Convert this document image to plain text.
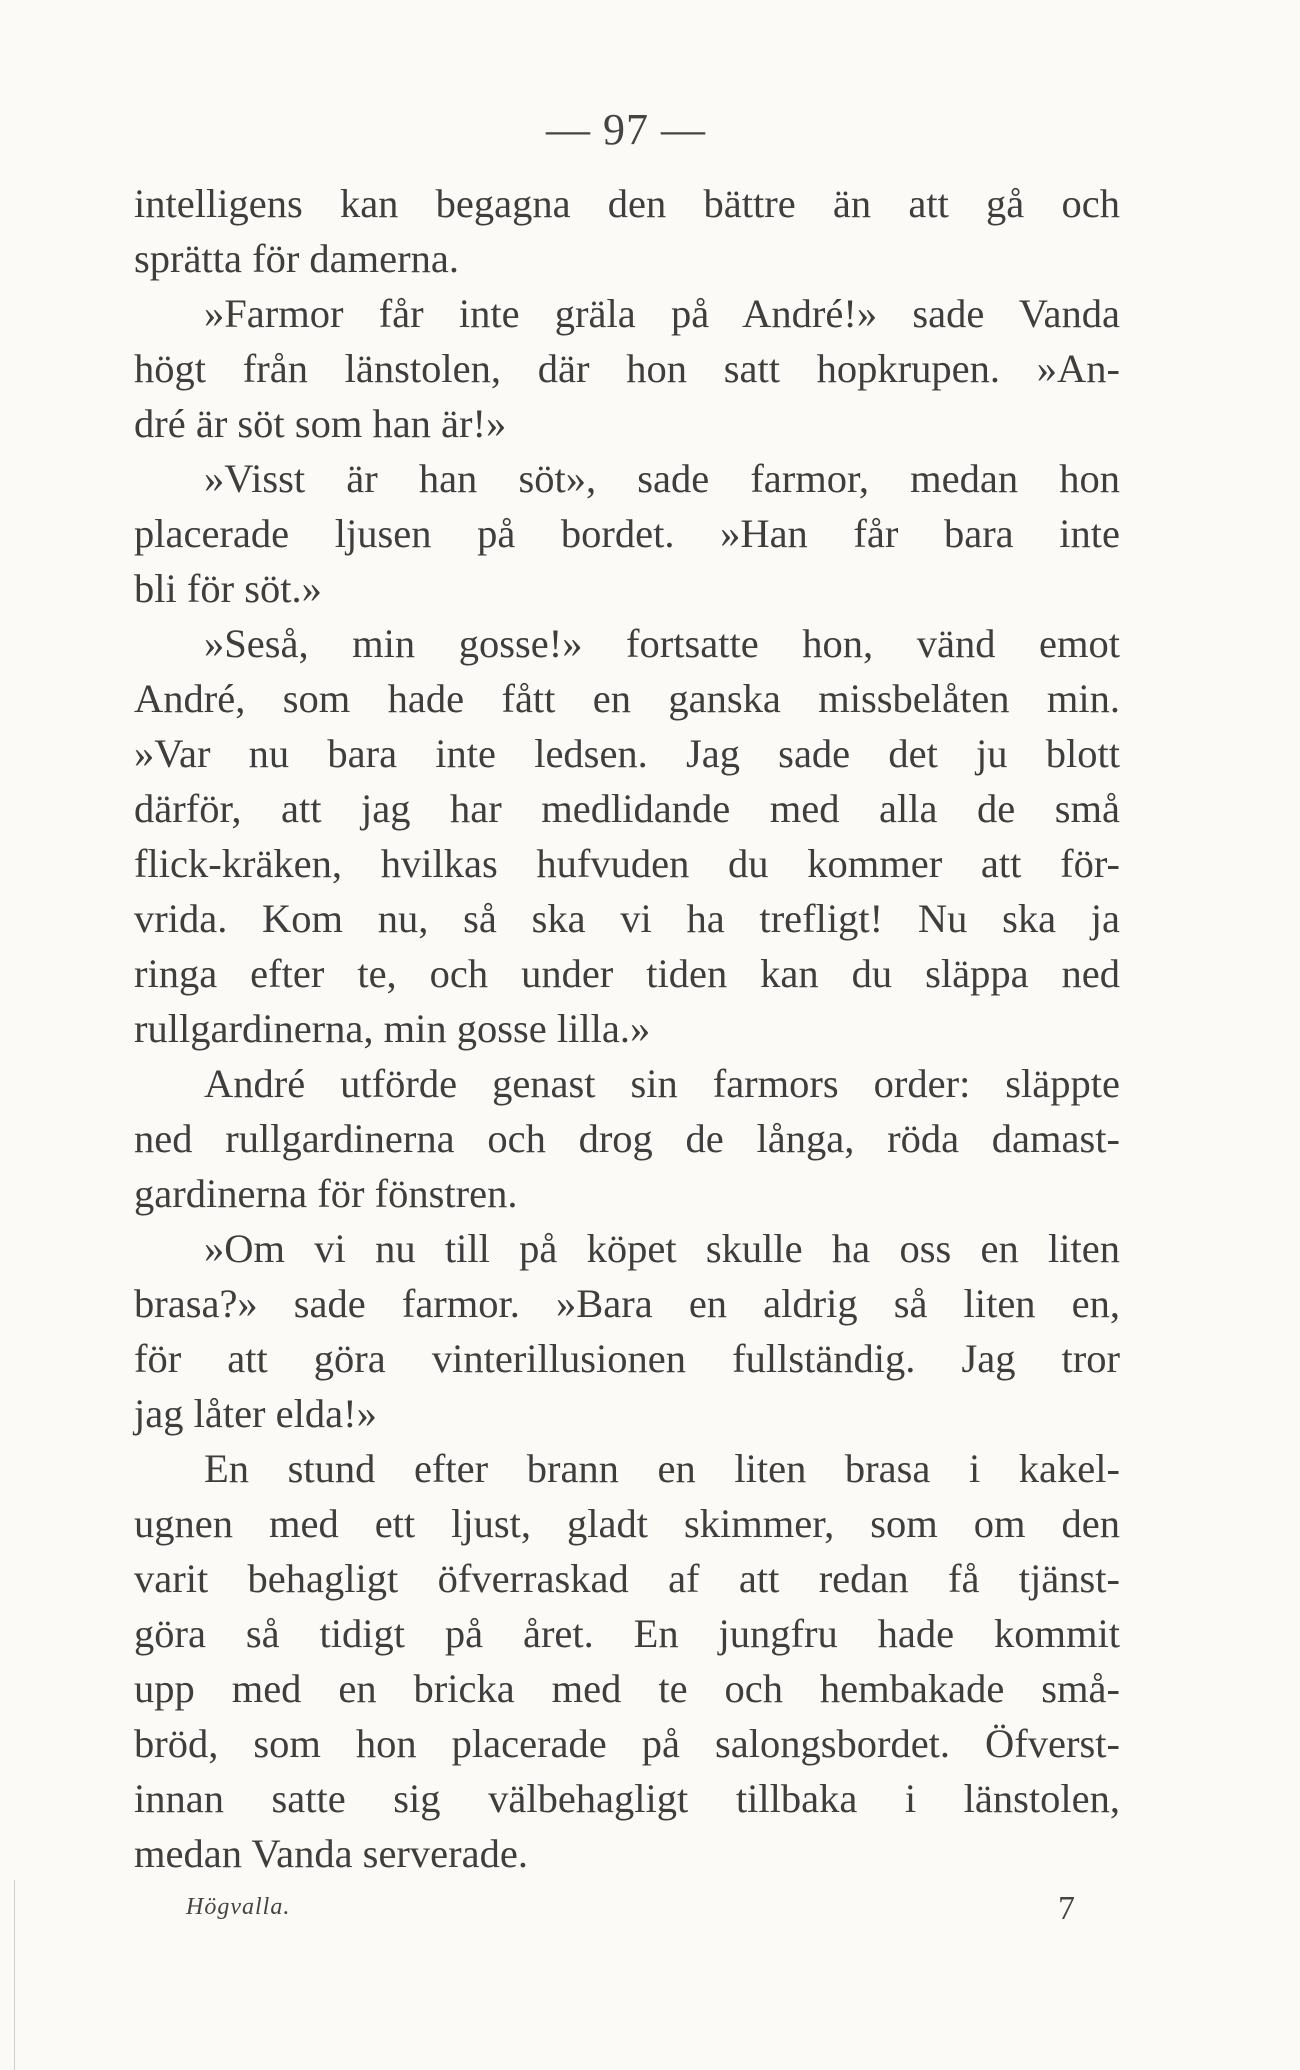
— 97 —
intelligens kan begagna den bättre än att gå och
sprätta för damerna.
»Farmor får inte gräla på André!» sade Vanda
högt från länstolen, där hon satt hopkrupen. »An-
dré är söt som han är!»
»Visst är han söt», sade farmor, medan hon
placerade ljusen på bordet. »Han får bara inte
bli för söt.»
»Seså, min gosse!» fortsatte hon, vänd emot
André, som hade fått en ganska missbelåten min.
»Var nu bara inte ledsen. Jag sade det ju blott
därför, att jag har medlidande med alla de små
flick-kräken, hvilkas hufvuden du kommer att för-
vrida. Kom nu, så ska vi ha trefligt! Nu ska ja
ringa efter te, och under tiden kan du släppa ned
rullgardinerna, min gosse lilla.»
André utförde genast sin farmors order: släppte
ned rullgardinerna och drog de långa, röda damast-
gardinerna för fönstren.
»Om vi nu till på köpet skulle ha oss en liten
brasa?» sade farmor. »Bara en aldrig så liten en,
för att göra vinterillusionen fullständig. Jag tror
jag låter elda!»
En stund efter brann en liten brasa i kakel-
ugnen med ett ljust, gladt skimmer, som om den
varit behagligt öfverraskad af att redan få tjänst-
göra så tidigt på året. En jungfru hade kommit
upp med en bricka med te och hembakade små-
bröd, som hon placerade på salongsbordet. Öfverst-
innan satte sig välbehagligt tillbaka i länstolen,
medan Vanda serverade.
Högvalla.	7
